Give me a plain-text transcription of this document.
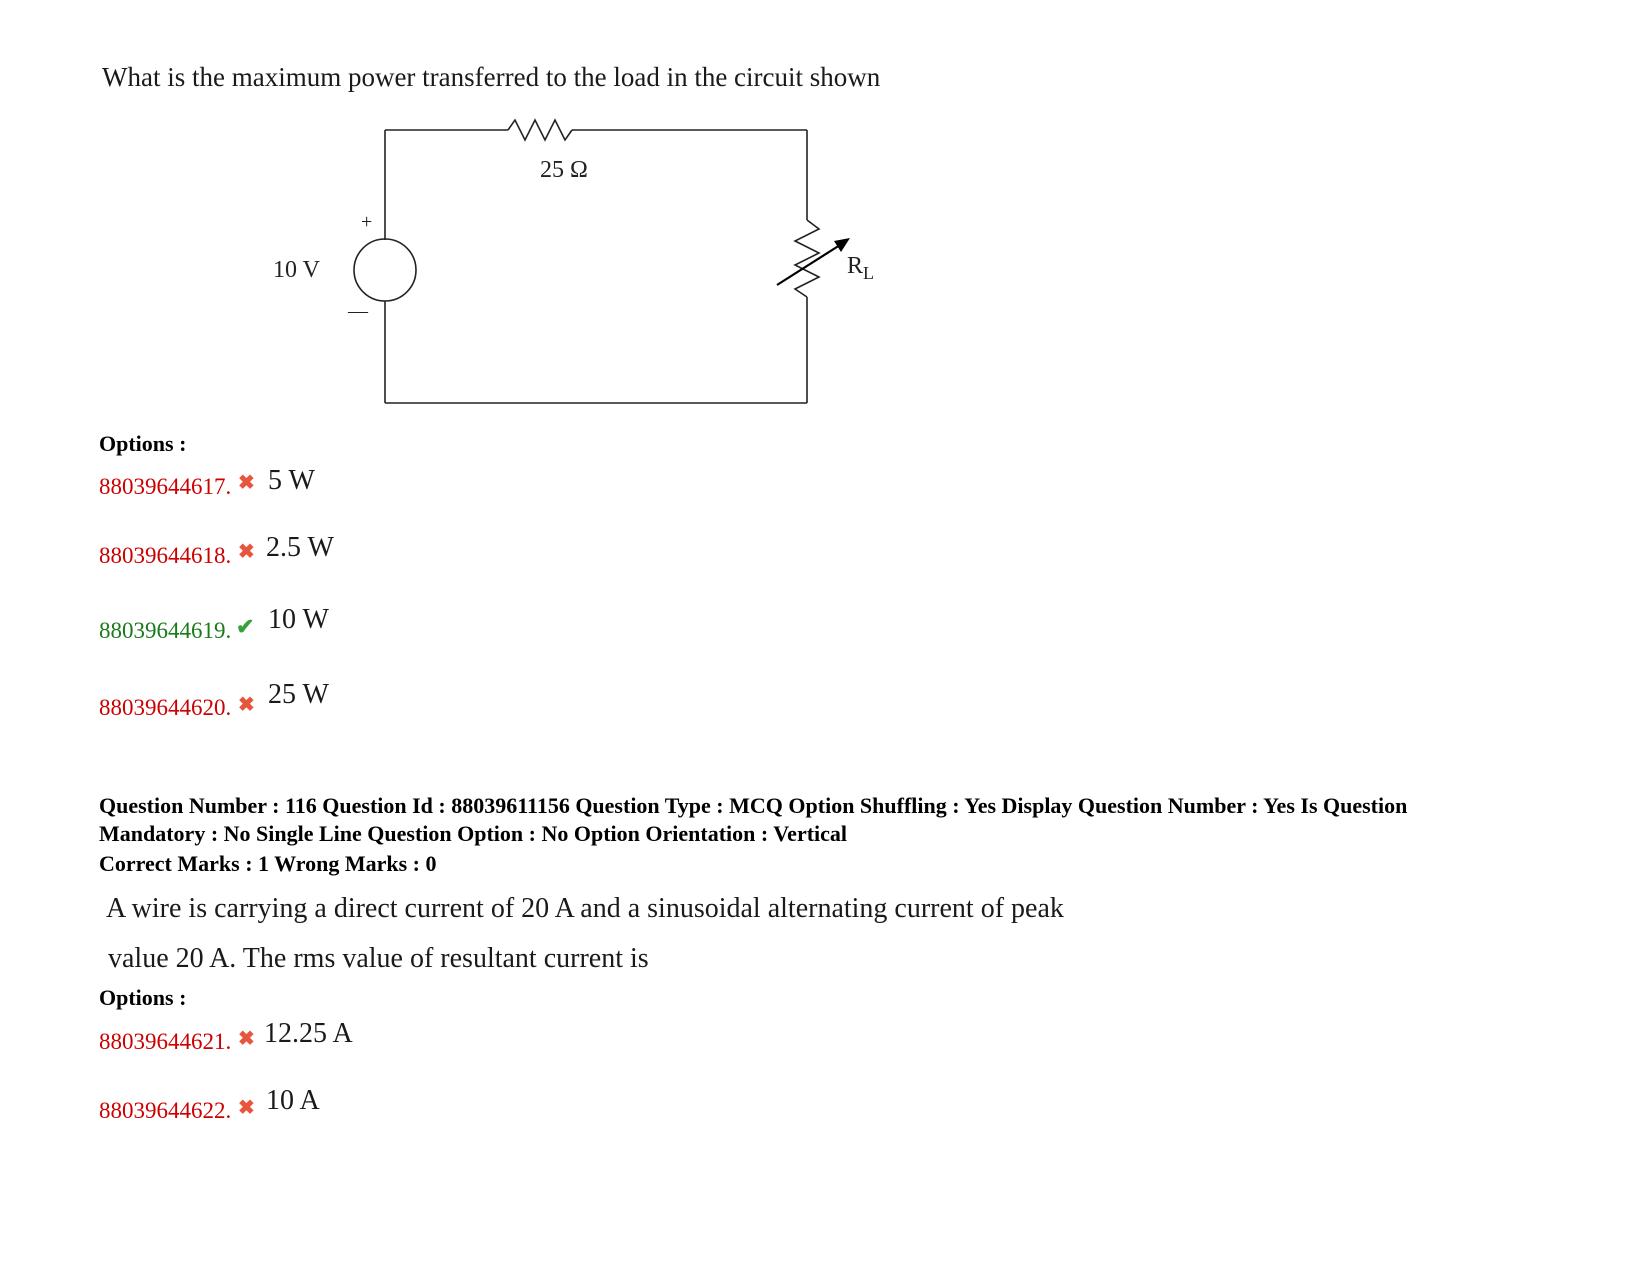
What is the maximum power transferred to the load in the circuit shown
25 Ω
10 V
+
—
$R_L$
Options :
88039644617. ✖ 5 W
88039644618. ✖ 2.5 W
88039644619. ✔ 10 W
88039644620. ✖ 25 W
Question Number : 116 Question Id : 88039611156 Question Type : MCQ Option Shuffling : Yes Display Question Number : Yes Is Question
Mandatory : No Single Line Question Option : No Option Orientation : Vertical
Correct Marks : 1 Wrong Marks : 0
A wire is carrying a direct current of 20 A and a sinusoidal alternating current of peak
value 20 A. The rms value of resultant current is
Options :
88039644621. ✖ 12.25 A
88039644622. ✖ 10 A
